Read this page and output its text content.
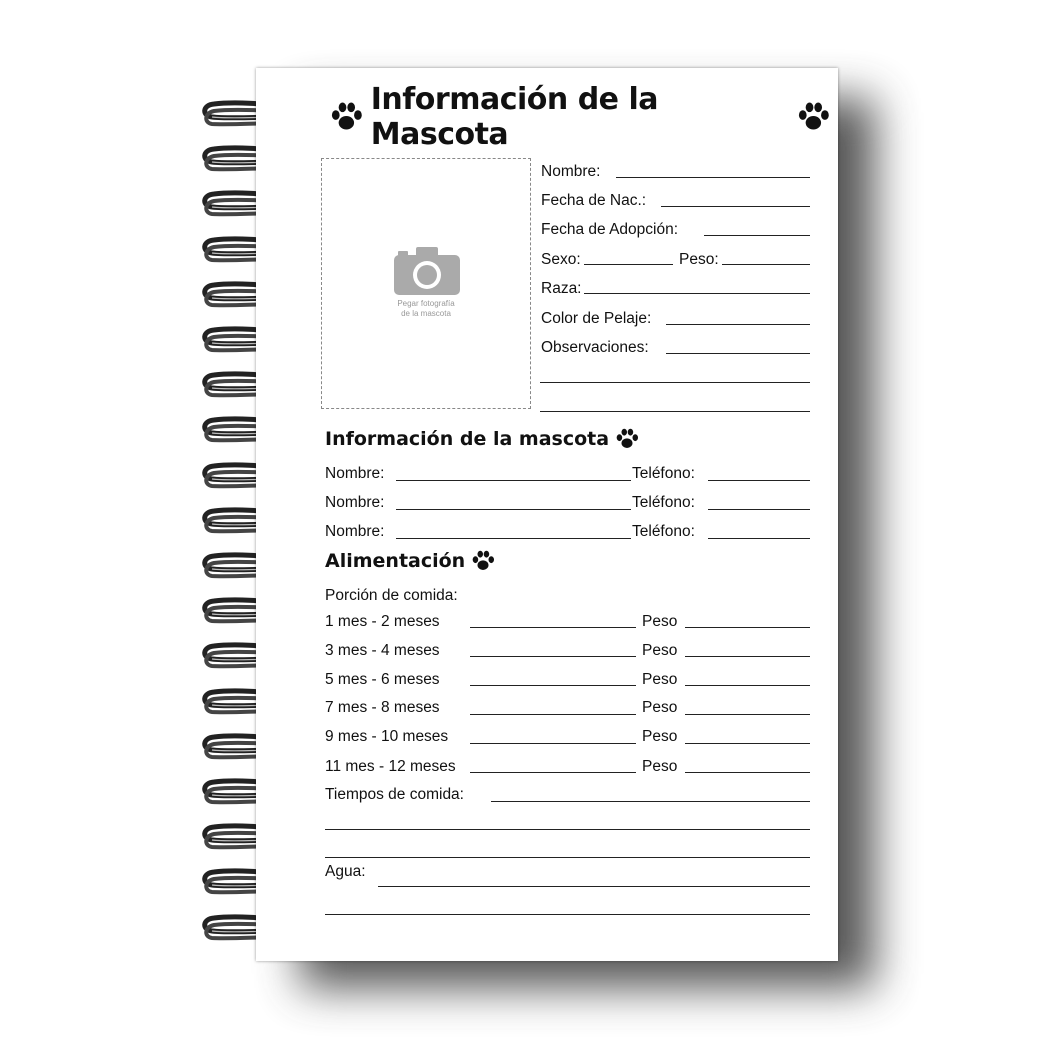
Información de la Mascota
Pegar fotografía
de la mascota
Nombre:
Fecha de Nac.:
Fecha de Adopción:
Sexo:	Peso:
Raza:
Color de Pelaje:
Observaciones:
Información de la mascota
Nombre:	Teléfono:
Nombre:	Teléfono:
Nombre:	Teléfono:
Alimentación
Porción de comida:
1 mes - 2 meses	Peso
3 mes - 4 meses	Peso
5 mes - 6 meses	Peso
7 mes - 8 meses	Peso
9 mes - 10 meses	Peso
11 mes - 12 meses	Peso
Tiempos de comida:
Agua:
